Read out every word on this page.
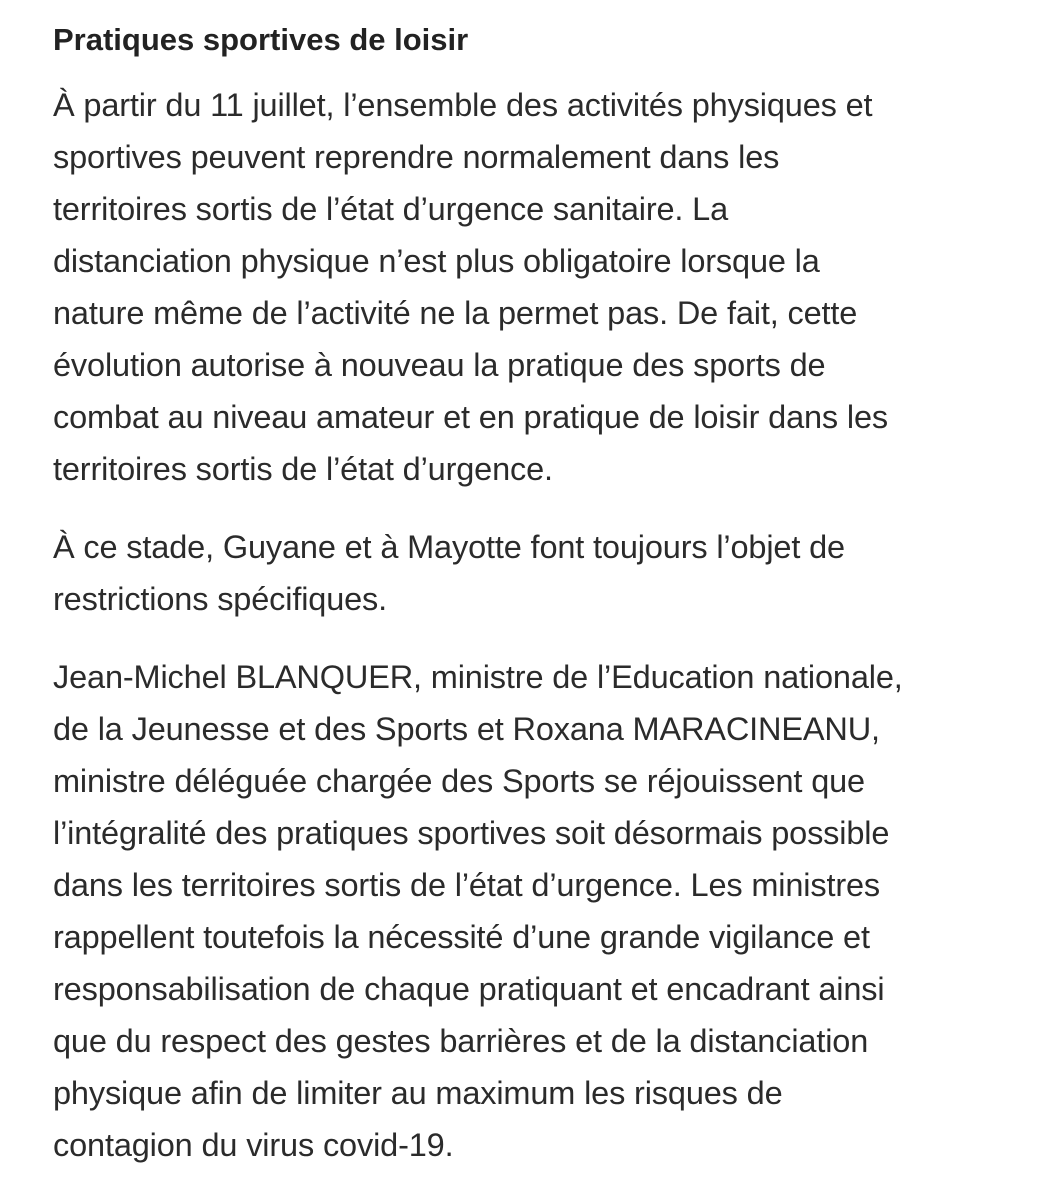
Pratiques sportives de loisir

À partir du 11 juillet, l’ensemble des activités physiques et
sportives peuvent reprendre normalement dans les
territoires sortis de l’état d’urgence sanitaire. La
distanciation physique n’est plus obligatoire lorsque la
nature même de l’activité ne la permet pas. De fait, cette
évolution autorise à nouveau la pratique des sports de
combat au niveau amateur et en pratique de loisir dans les
territoires sortis de l’état d’urgence.

À ce stade, Guyane et à Mayotte font toujours l’objet de
restrictions spécifiques.

Jean-Michel BLANQUER, ministre de l’Education nationale,
de la Jeunesse et des Sports et Roxana MARACINEANU,
ministre déléguée chargée des Sports se réjouissent que
l’intégralité des pratiques sportives soit désormais possible
dans les territoires sortis de l’état d’urgence. Les ministres
rappellent toutefois la nécessité d’une grande vigilance et
responsabilisation de chaque pratiquant et encadrant ainsi
que du respect des gestes barrières et de la distanciation
physique afin de limiter au maximum les risques de
contagion du virus covid-19.
